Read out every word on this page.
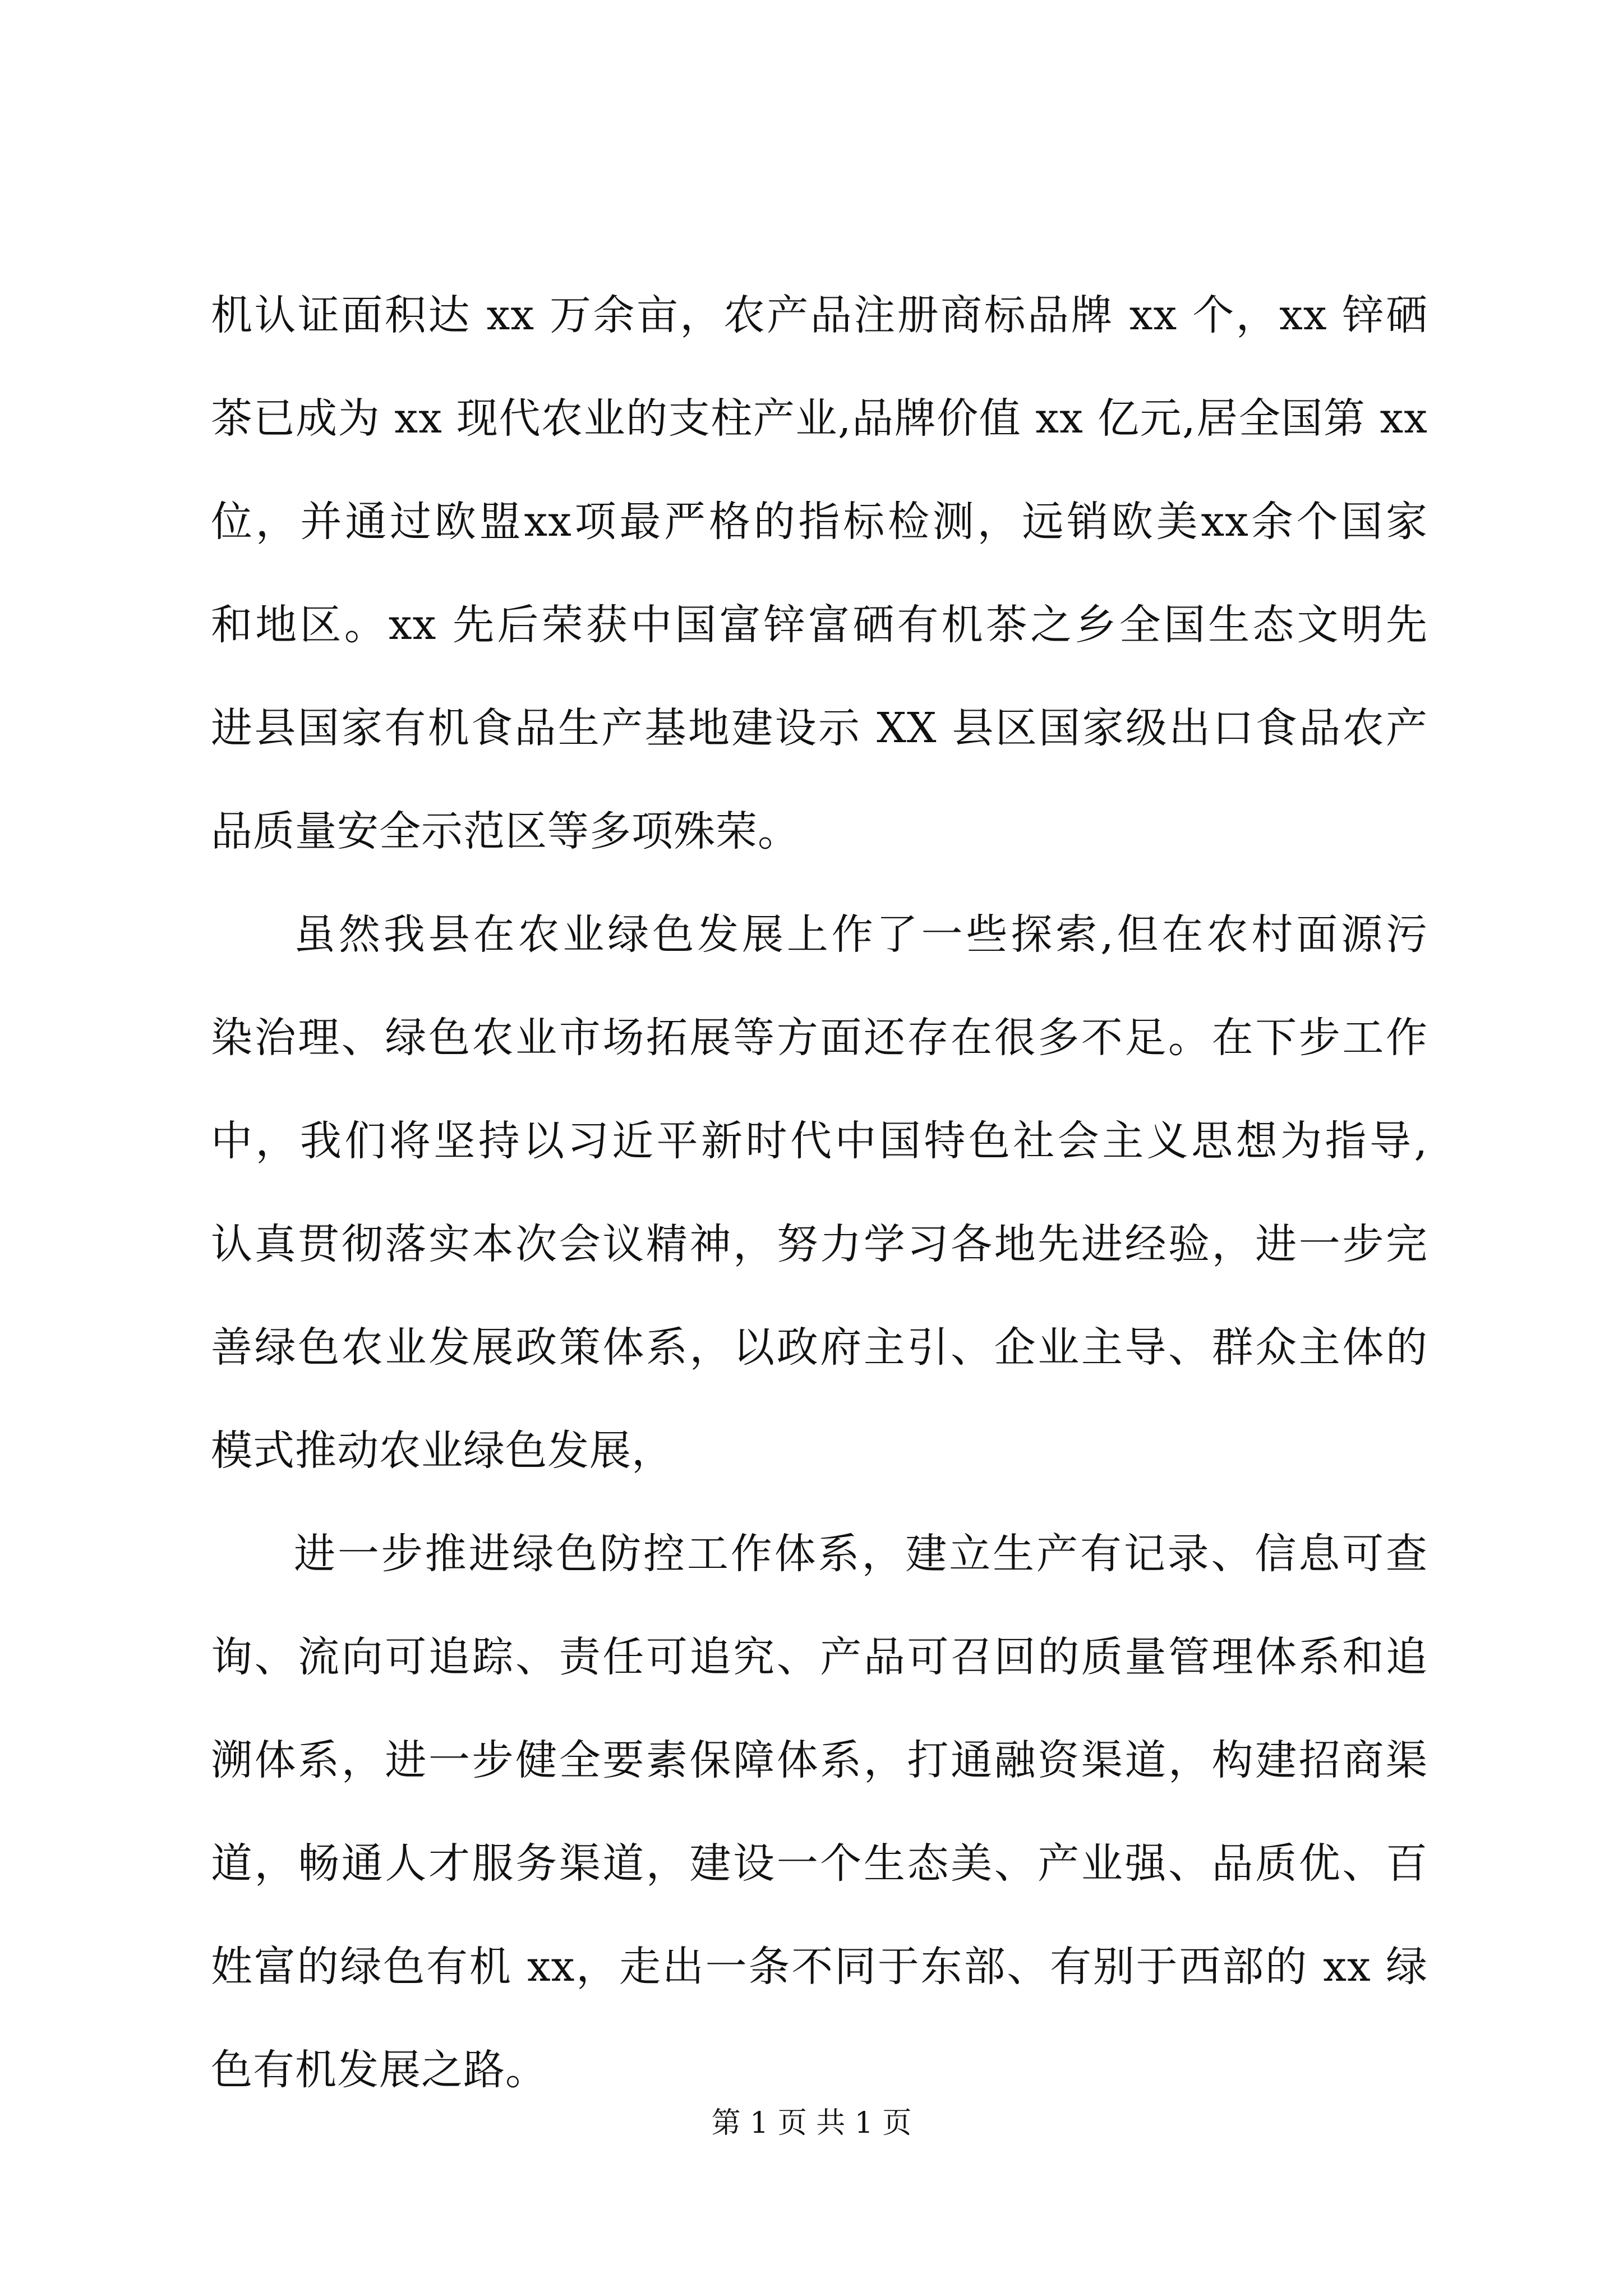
机认证面积达 xx 万余亩，农产品注册商标品牌 xx 个，xx 锌硒
茶已成为 xx 现代农业的支柱产业,品牌价值 xx 亿元,居全国第 xx
位，并通过欧盟xx项最严格的指标检测，远销欧美xx余个国家
和地区。xx 先后荣获中国富锌富硒有机茶之乡全国生态文明先
进县国家有机食品生产基地建设示 XX 县区国家级出口食品农产
品质量安全示范区等多项殊荣。
虽然我县在农业绿色发展上作了一些探索,但在农村面源污
染治理、绿色农业市场拓展等方面还存在很多不足。在下步工作
中，我们将坚持以习近平新时代中国特色社会主义思想为指导,
认真贯彻落实本次会议精神，努力学习各地先进经验，进一步完
善绿色农业发展政策体系，以政府主引、企业主导、群众主体的
模式推动农业绿色发展，
进一步推进绿色防控工作体系，建立生产有记录、信息可查
询、流向可追踪、责任可追究、产品可召回的质量管理体系和追
溯体系，进一步健全要素保障体系，打通融资渠道，构建招商渠
道，畅通人才服务渠道，建设一个生态美、产业强、品质优、百
姓富的绿色有机 xx，走出一条不同于东部、有别于西部的 xx 绿
色有机发展之路。
第 1 页 共 1 页
